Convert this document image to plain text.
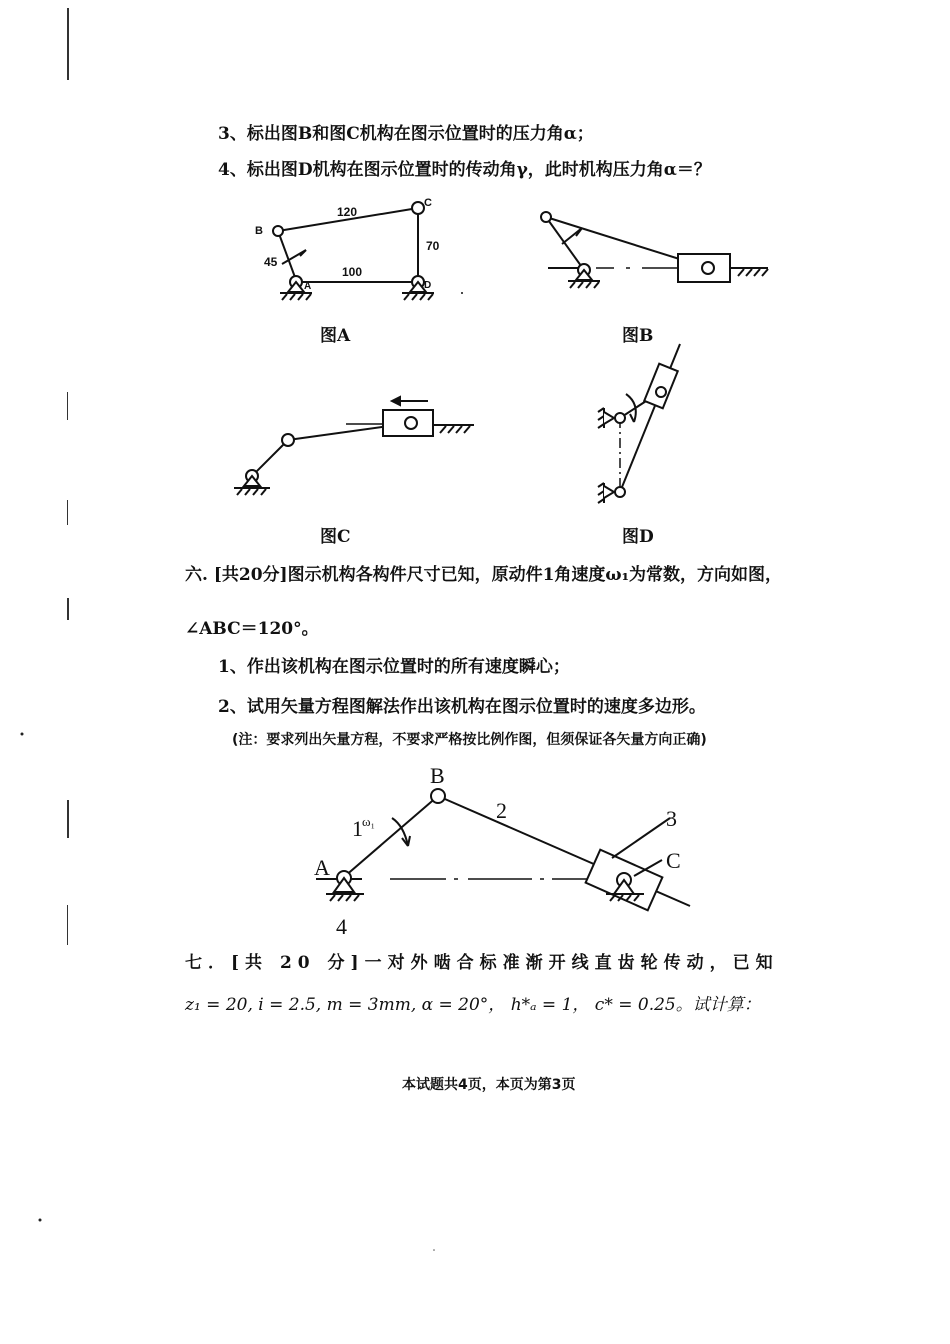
3、标出图B和图C机构在图示位置时的压力角α；
4、标出图D机构在图示位置时的传动角γ，此时机构压力角α＝？
B
C
A	D
120
70
45
100
图A	图B
图C	图D
六. [共20分]图示机构各构件尺寸已知，原动件1角速度ω₁为常数，方向如图，
∠ABC＝120°。
1、作出该机构在图示位置时的所有速度瞬心；
2、试用矢量方程图解法作出该机构在图示位置时的速度多边形。
(注：要求列出矢量方程，不要求严格按比例作图，但须保证各矢量方向正确)
B
A	C
1 ω₁	2	3
4
七．[共 20 分]一对外啮合标准渐开线直齿轮传动，已知
z₁ = 20, i = 2.5, m = 3mm, α = 20°， h*ₐ = 1， c* = 0.25。试计算：
本试题共4页，本页为第3页
